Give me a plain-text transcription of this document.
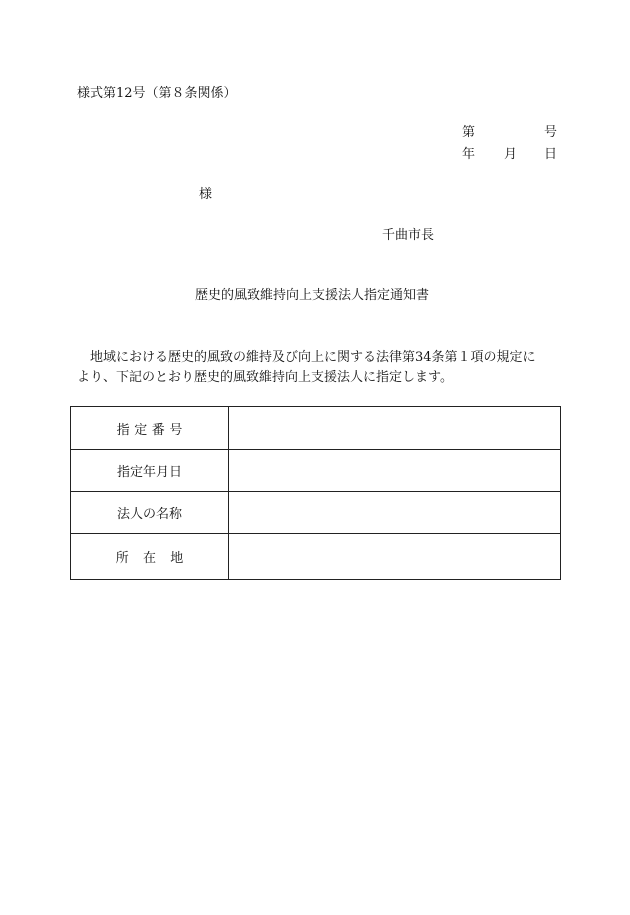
様式第12号（第８条関係）
第	号
年 月 日
様
千曲市長
歴史的風致維持向上支援法人指定通知書

地域における歴史的風致の維持及び向上に関する法律第34条第１項の規定に

より、下記のとおり歴史的風致維持向上支援法人に指定します。

指定番号	
指定年月日	
法人の名称	
所在地	
